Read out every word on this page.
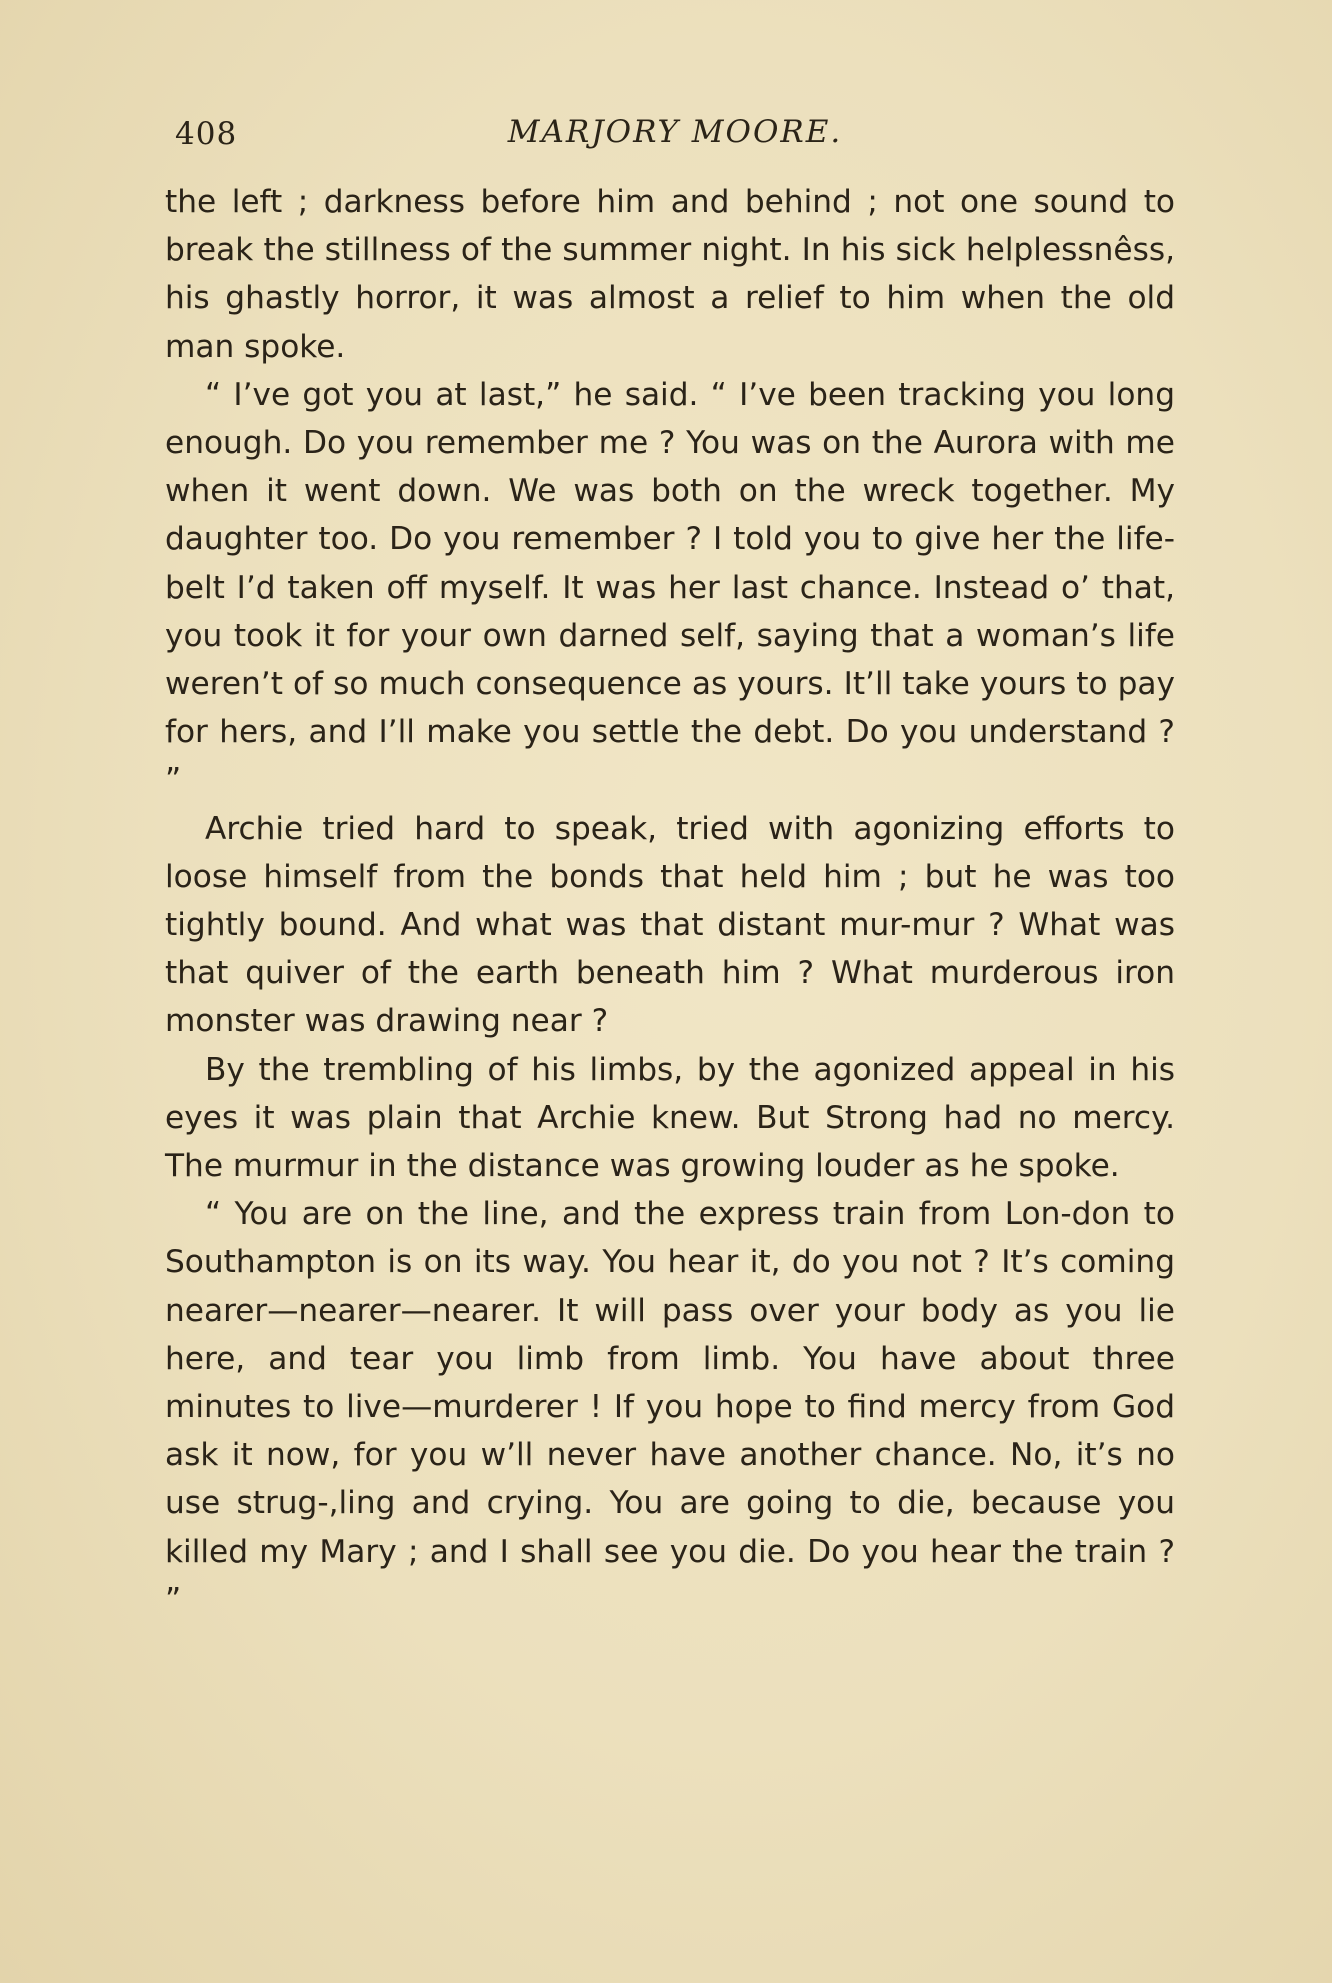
408	MARJORY MOORE.

the left ; darkness before him and behind ; not one sound to break the stillness of the summer night. In his sick helplessnêss, his ghastly horror, it was almost a relief to him when the old man spoke.

“ I’ve got you at last,” he said. “ I’ve been tracking you long enough. Do you remember me ? You was on the Aurora with me when it went down. We was both on the wreck together. My daughter too. Do you remember ? I told you to give her the life-belt I’d taken off myself. It was her last chance. Instead o’ that, you took it for your own darned self, saying that a woman’s life weren’t of so much consequence as yours. It’ll take yours to pay for hers, and I’ll make you settle the debt. Do you understand ? ”

Archie tried hard to speak, tried with agonizing efforts to loose himself from the bonds that held him ; but he was too tightly bound. And what was that distant mur-mur ? What was that quiver of the earth beneath him ? What murderous iron monster was drawing near ?

By the trembling of his limbs, by the agonized appeal in his eyes it was plain that Archie knew. But Strong had no mercy. The murmur in the distance was growing louder as he spoke.

“ You are on the line, and the express train from Lon-don to Southampton is on its way. You hear it, do you not ? It’s coming nearer—nearer—nearer. It will pass over your body as you lie here, and tear you limb from limb. You have about three minutes to live—murderer ! If you hope to find mercy from God ask it now, for you w’ll never have another chance. No, it’s no use strug-,ling and crying. You are going to die, because you killed my Mary ; and I shall see you die. Do you hear the train ? ”
